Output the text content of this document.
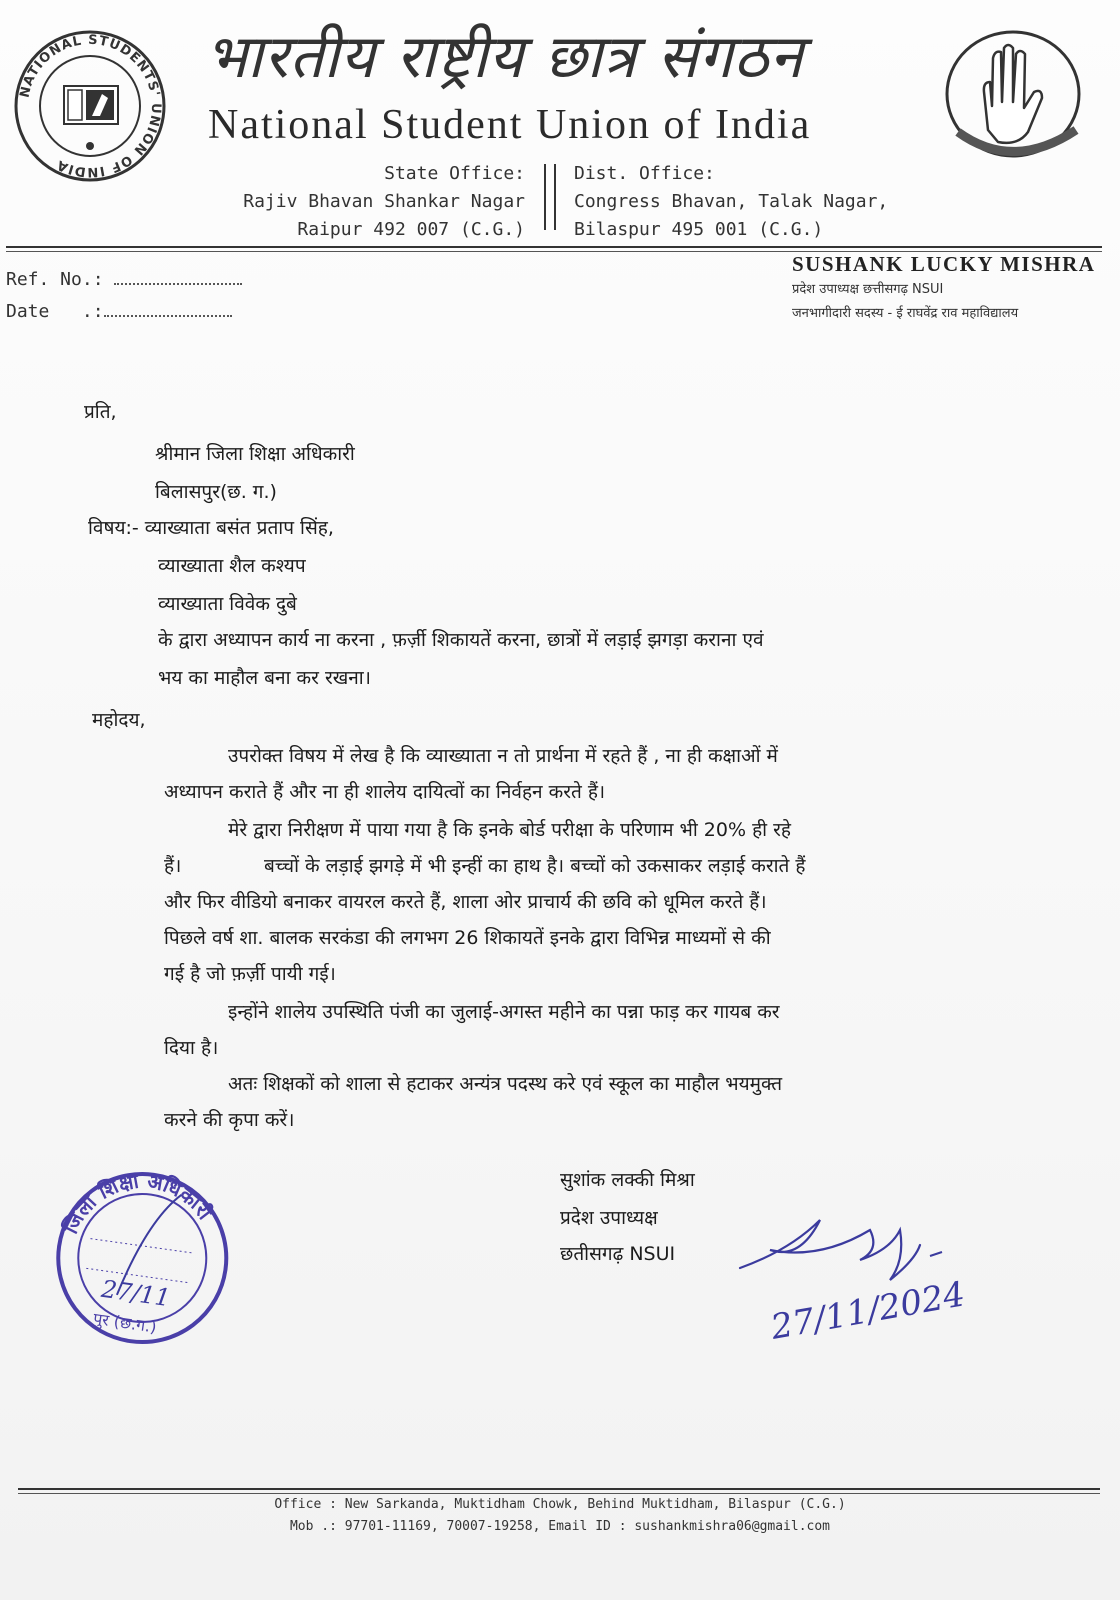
NATIONAL STUDENTS' UNION OF INDIA
भारतीय राष्ट्रीय छात्र संगठन
National Student Union of India
State Office:
Rajiv Bhavan Shankar Nagar
Raipur 492 007 (C.G.)
Dist. Office:
Congress Bhavan, Talak Nagar,
Bilaspur 495 001 (C.G.)
Ref. No.:
Date   .:
SUSHANK LUCKY MISHRA
प्रदेश उपाध्यक्ष छत्तीसगढ़ NSUI
जनभागीदारी सदस्य - ई राघवेंद्र राव महाविद्यालय
प्रति,
श्रीमान जिला शिक्षा अधिकारी
बिलासपुर(छ. ग.)
विषय:- व्याख्याता बसंत प्रताप सिंह,
व्याख्याता शैल कश्यप
व्याख्याता विवेक दुबे
के द्वारा अध्यापन कार्य ना करना , फ़र्ज़ी शिकायतें करना, छात्रों में लड़ाई झगड़ा कराना एवं
भय का माहौल बना कर रखना।
महोदय,
उपरोक्त विषय में लेख है कि व्याख्याता न तो प्रार्थना में रहते हैं , ना ही कक्षाओं में
अध्यापन कराते हैं और ना ही शालेय दायित्वों का निर्वहन करते हैं।
मेरे द्वारा निरीक्षण में पाया गया है कि इनके बोर्ड परीक्षा के परिणाम भी 20% ही रहे
हैं।	बच्चों के लड़ाई झगड़े में भी इन्हीं का हाथ है। बच्चों को उकसाकर लड़ाई कराते हैं
और फिर वीडियो बनाकर वायरल करते हैं, शाला ओर प्राचार्य की छवि को धूमिल करते हैं।
पिछले वर्ष शा. बालक सरकंडा की लगभग 26 शिकायतें इनके द्वारा विभिन्न माध्यमों से की
गई है जो फ़र्ज़ी पायी गई।
इन्होंने शालेय उपस्थिति पंजी का जुलाई-अगस्त महीने का पन्ना फाड़ कर गायब कर
दिया है।
अतः शिक्षकों को शाला से हटाकर अन्यंत्र पदस्थ करे एवं स्कूल का माहौल भयमुक्त
करने की कृपा करें।
सुशांक लक्की मिश्रा
प्रदेश उपाध्यक्ष
छतीसगढ़ NSUI
जिला शिक्षा अधिकारी
पुर (छ.ग.)
27/11	27/11/2024
Office : New Sarkanda, Muktidham Chowk, Behind Muktidham, Bilaspur (C.G.)
Mob .: 97701-11169, 70007-19258, Email ID : sushankmishra06@gmail.com
